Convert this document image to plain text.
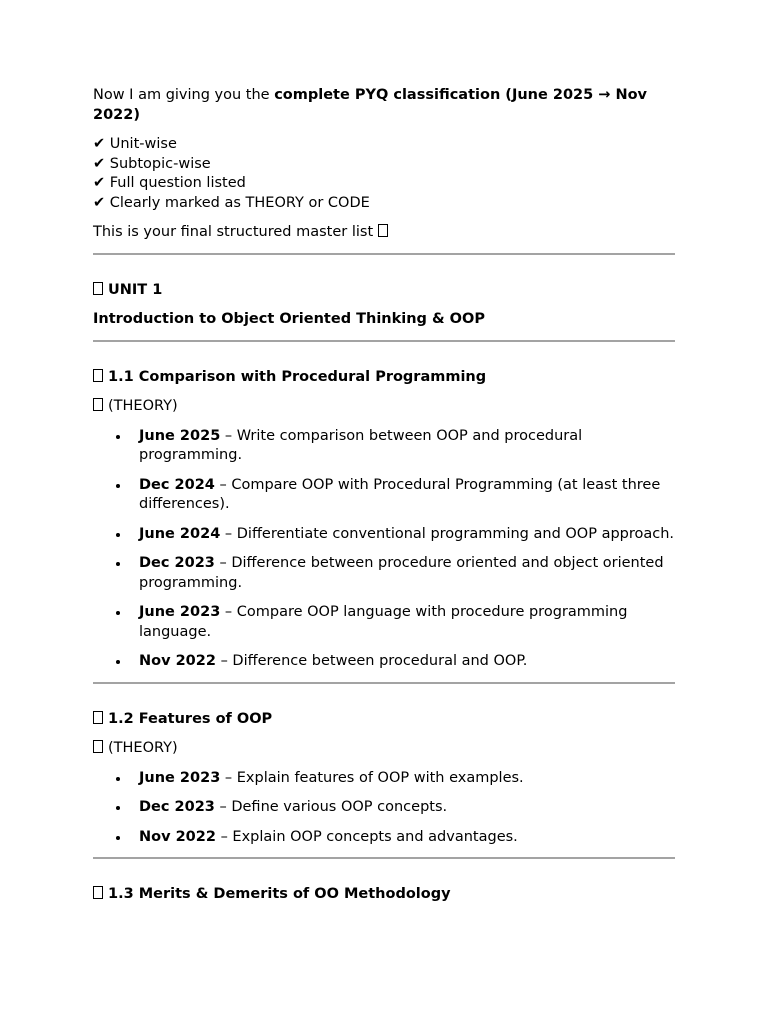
Now I am giving you the complete PYQ classification (June 2025 → Nov 2022)

✔ Unit-wise
✔ Subtopic-wise
✔ Full question listed
✔ Clearly marked as THEORY or CODE

This is your final structured master list

UNIT 1

Introduction to Object Oriented Thinking & OOP

1.1 Comparison with Procedural Programming

(THEORY)

June 2025 – Write comparison between OOP and procedural programming.
Dec 2024 – Compare OOP with Procedural Programming (at least three differences).
June 2024 – Differentiate conventional programming and OOP approach.
Dec 2023 – Difference between procedure oriented and object oriented programming.
June 2023 – Compare OOP language with procedure programming language.
Nov 2022 – Difference between procedural and OOP.

1.2 Features of OOP

(THEORY)

June 2023 – Explain features of OOP with examples.
Dec 2023 – Define various OOP concepts.
Nov 2022 – Explain OOP concepts and advantages.

1.3 Merits & Demerits of OO Methodology
